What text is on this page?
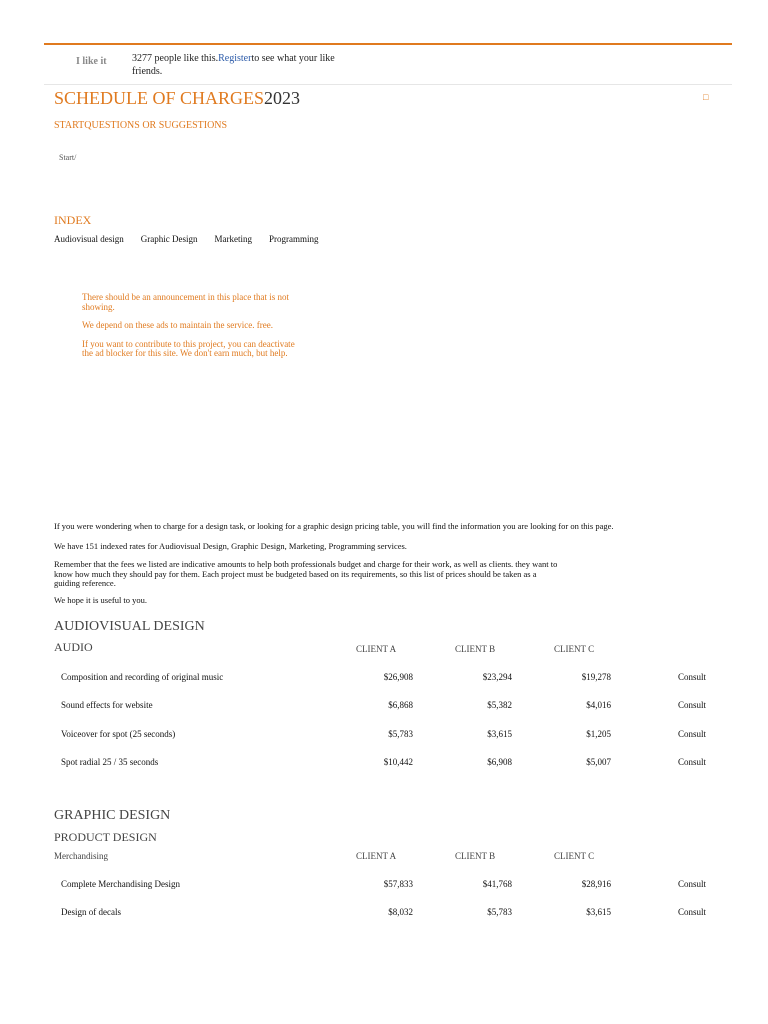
I like it	3277 people like this.Registerto see what your like friends.
SCHEDULE OF CHARGES2023	□
STARTQUESTIONS OR SUGGESTIONS
Start/
INDEX
Audiovisual design Graphic Design Marketing Programming

There should be an announcement in this place that is not showing.

We depend on these ads to maintain the service. free.

If you want to contribute to this project, you can deactivate the ad blocker for this site. We don't earn much, but help.

If you were wondering when to charge for a design task, or looking for a graphic design pricing table, you will find the information you are looking for on this page.
We have 151 indexed rates for Audiovisual Design, Graphic Design, Marketing, Programming services.
Remember that the fees we listed are indicative amounts to help both professionals budget and charge for their work, as well as clients. they want to know how much they should pay for them. Each project must be budgeted based on its requirements, so this list of prices should be taken as a guiding reference.
We hope it is useful to you.
AUDIOVISUAL DESIGN
AUDIO	CLIENT A	CLIENT B	CLIENT C
Composition and recording of original music	$26,908	$23,294	$19,278	Consult
Sound effects for website	$6,868	$5,382	$4,016	Consult
Voiceover for spot (25 seconds)	$5,783	$3,615	$1,205	Consult
Spot radial 25 / 35 seconds	$10,442	$6,908	$5,007	Consult
GRAPHIC DESIGN
PRODUCT DESIGN
Merchandising	CLIENT A	CLIENT B	CLIENT C
Complete Merchandising Design	$57,833	$41,768	$28,916	Consult
Design of decals	$8,032	$5,783	$3,615	Consult
